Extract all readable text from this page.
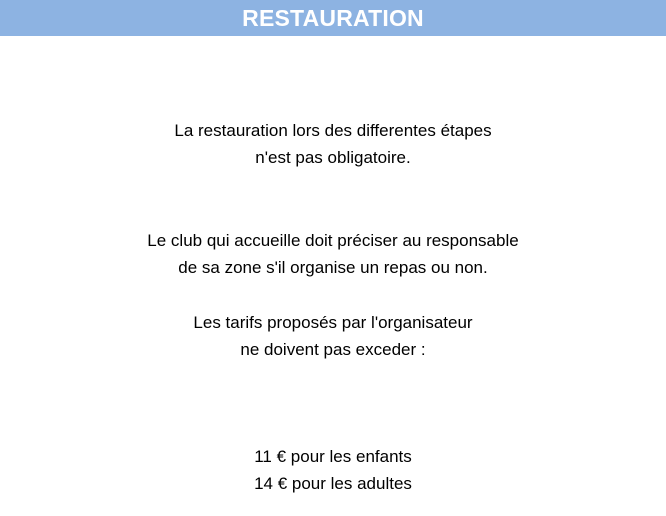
RESTAURATION
La restauration lors des differentes étapes
n'est pas obligatoire.
Le club qui accueille doit préciser au responsable
de sa zone s'il organise un repas ou non.
Les tarifs proposés par l'organisateur
ne doivent pas exceder :
11 € pour les enfants
14 € pour les adultes
